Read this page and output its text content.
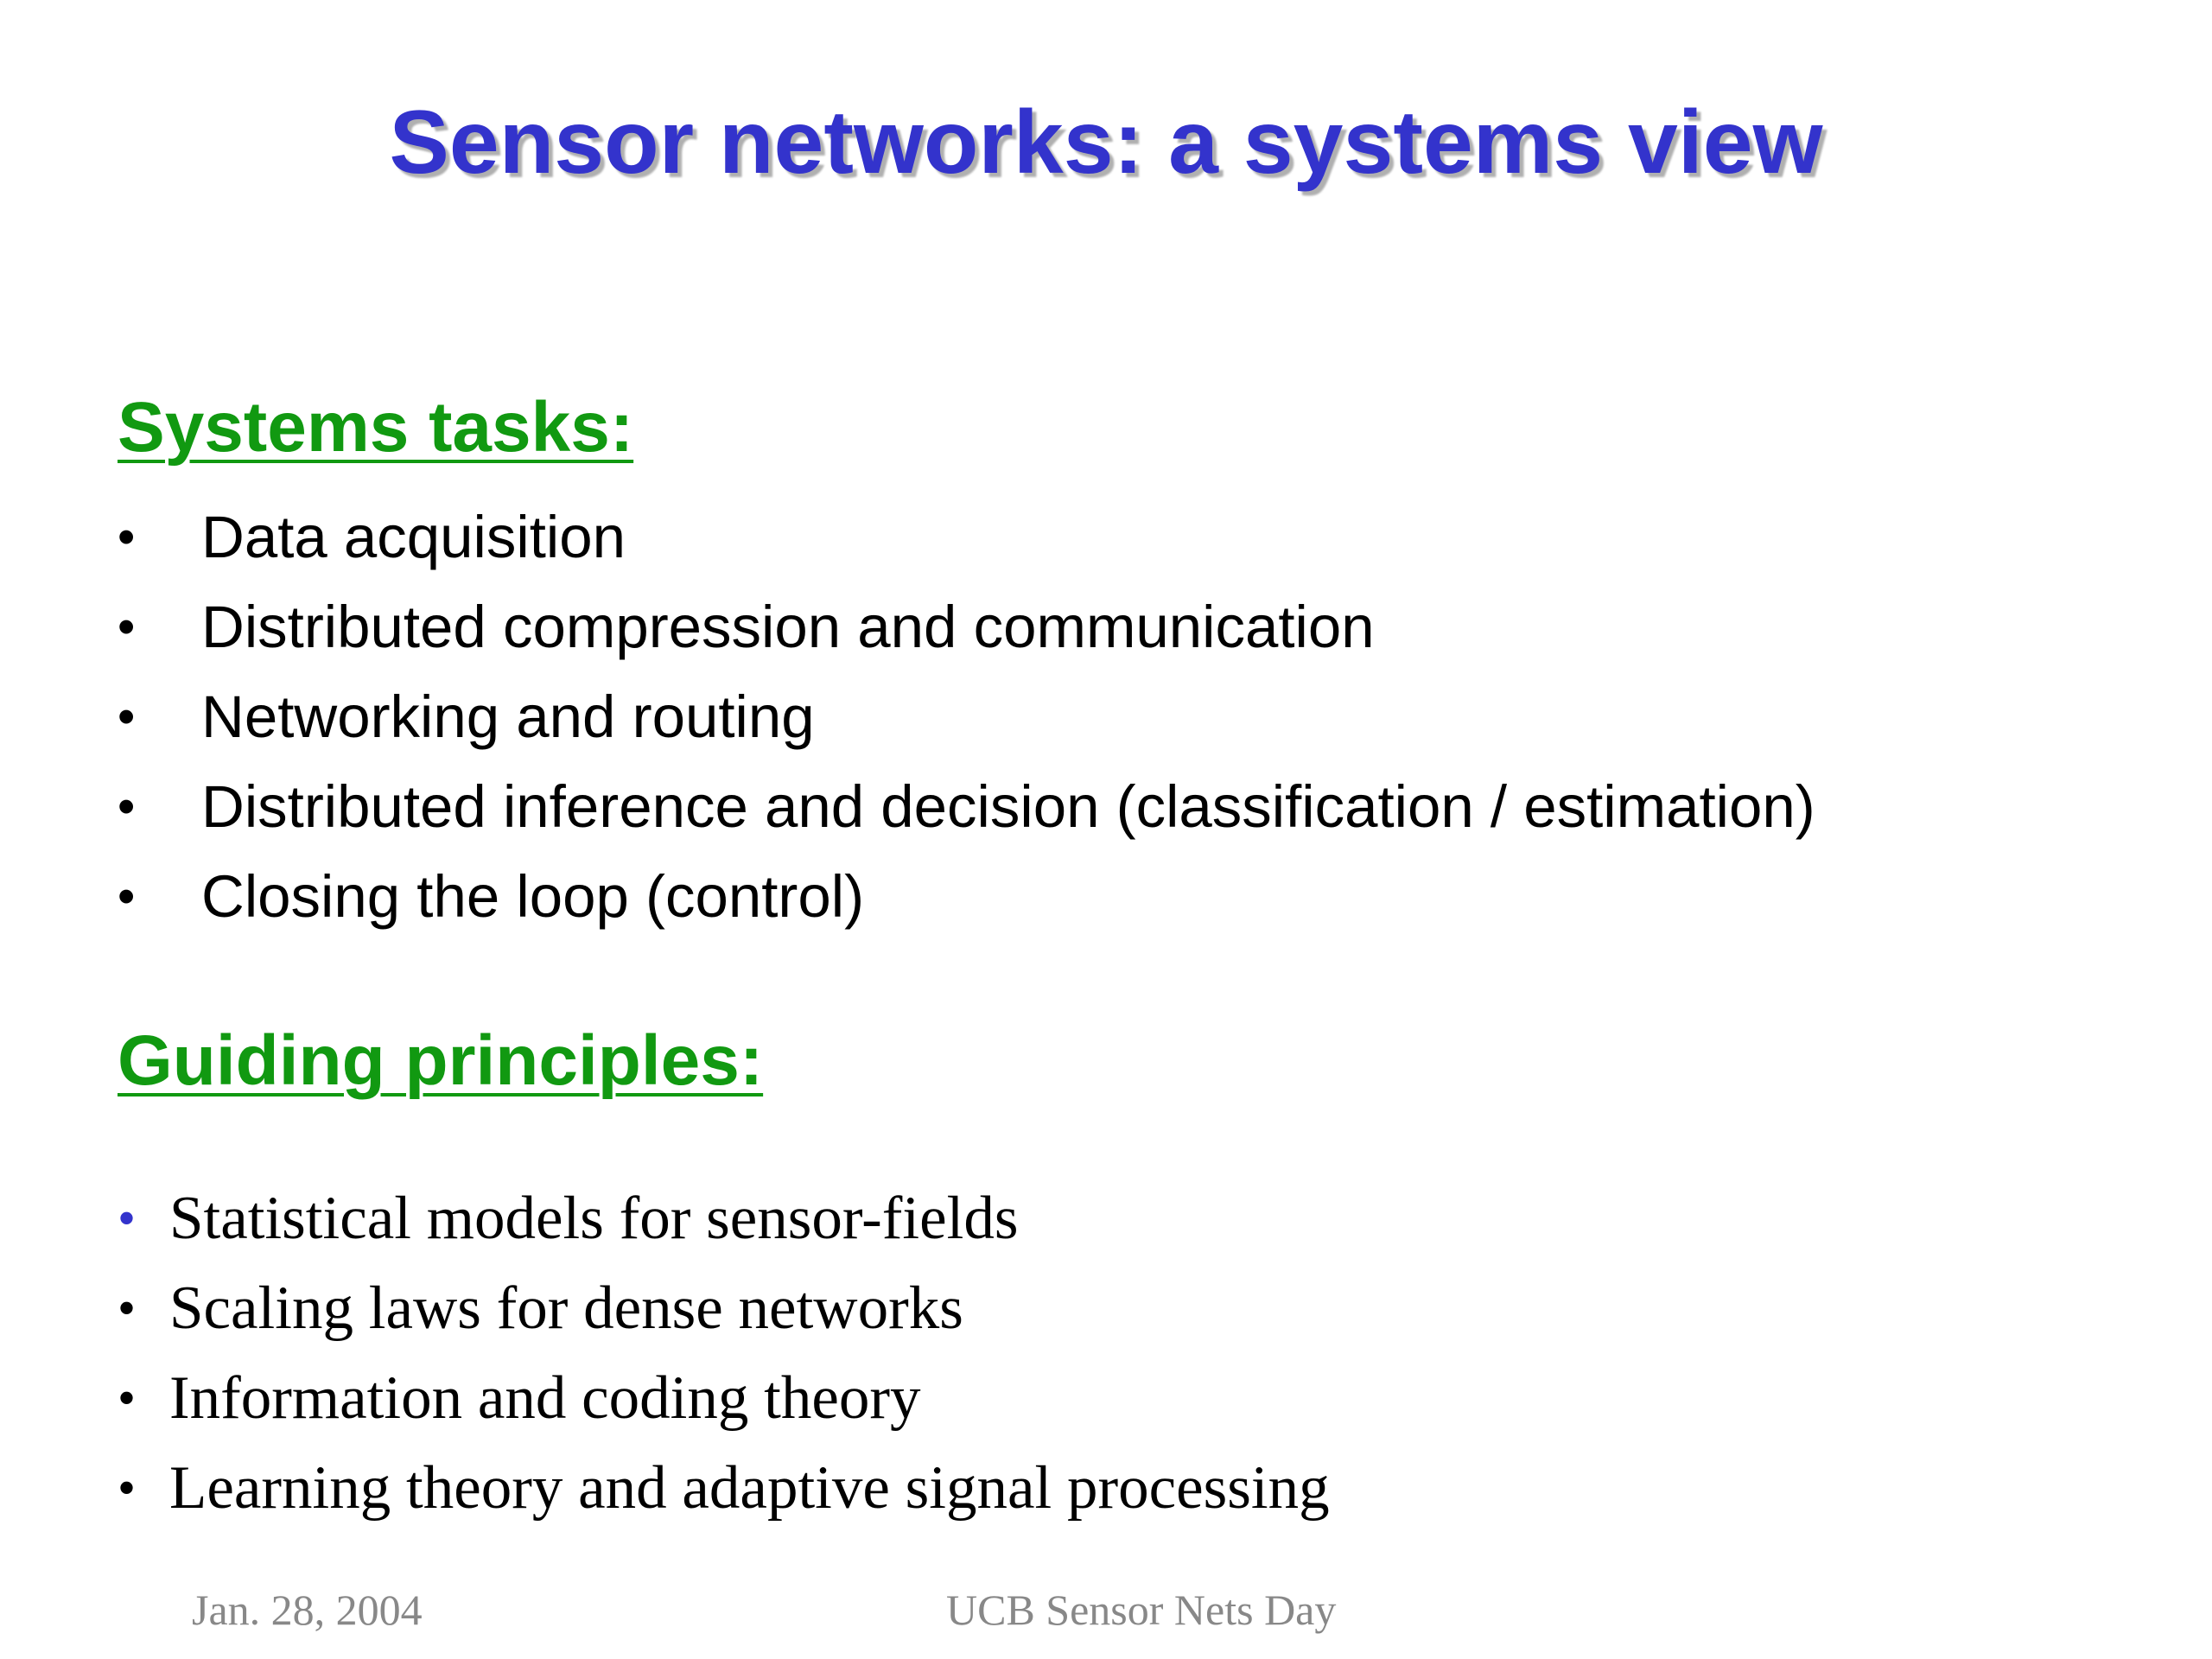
Sensor networks: a systems view
Systems tasks:
• Data acquisition
• Distributed compression and communication
• Networking and routing
• Distributed inference and decision (classification / estimation)
• Closing the loop (control)
Guiding principles:
• Statistical models for sensor-fields
• Scaling laws for dense networks
• Information and coding theory
• Learning theory and adaptive signal processing
Jan. 28, 2004	UCB Sensor Nets Day
